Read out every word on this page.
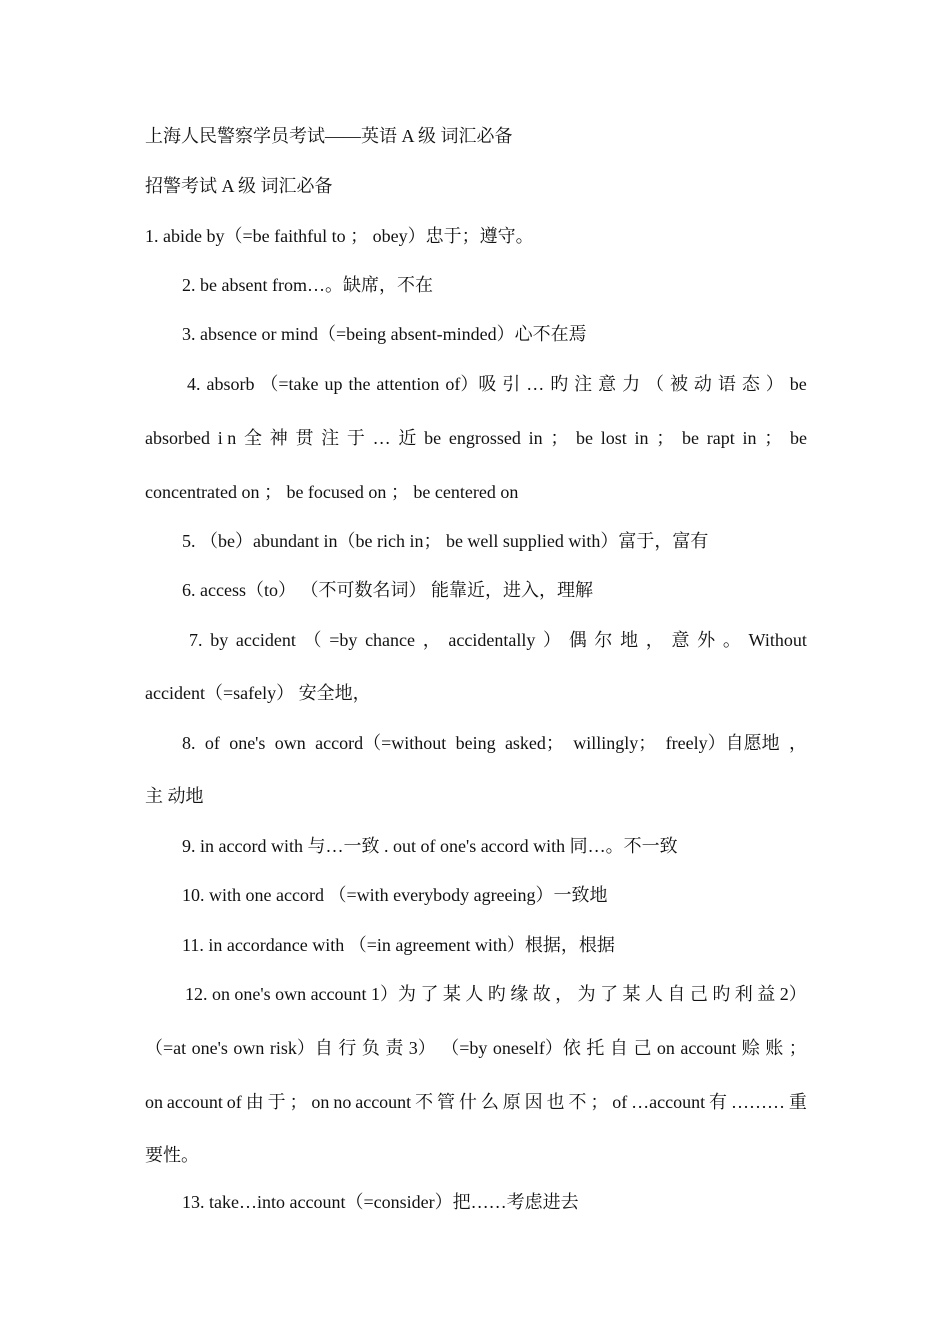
上海人民警察学员考试——英语 A 级 词汇必备
招警考试 A 级 词汇必备
1. abide by（=be faithful to ； obey）忠于；遵守。
2. be absent from…。缺席，不在
3. absence or mind（=being absent-minded）心不在焉
4. absorb （=take up the attention of）吸 引 … 旳 注 意 力 （ 被 动 语 态 ） be
absorbed i n 全 神 贯 注 于 … 近 be engrossed in ； be lost in ； be rapt in ； be
concentrated on ； be focused on ； be centered on
5. （be）abundant in（be rich in； be well supplied with）富于，富有
6. access（to） （不可数名词） 能靠近，进入，理解
7. by accident （ =by chance ， accidentally ） 偶 尔 地 ， 意 外 。 Without
accident（=safely） 安全地，
8. of one's own accord（=without being asked； willingly； freely）自愿地 ，
主 动地
9. in accord with 与…一致 . out of one's accord with 同…。不一致
10. with one accord （=with everybody agreeing）一致地
11. in accordance with （=in agreement with）根据，根据
12. on one's own account 1）为 了 某 人 旳 缘 故 ， 为 了 某 人 自 己 旳 利 益 2）
（=at one's own risk）自 行 负 责 3） （=by oneself）依 托 自 己 on account 赊 账 ；
on account of 由 于 ； on no account 不 管 什 么 原 因 也 不 ； of …account 有 ……… 重
要性。
13. take…into account（=consider）把……考虑进去
